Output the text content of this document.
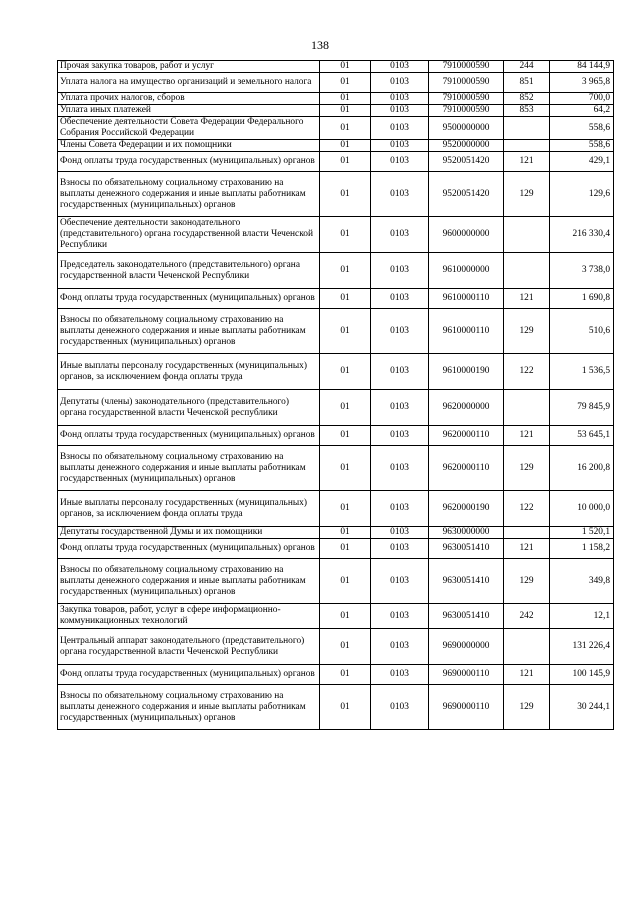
138
Прочая закупка товаров, работ и услуг	01	0103	7910000590	244	84 144,9
Уплата налога на имущество организаций и земельного налога	01	0103	7910000590	851	3 965,8
Уплата прочих налогов, сборов	01	0103	7910000590	852	700,0
Уплата иных платежей	01	0103	7910000590	853	64,2
Обеспечение деятельности Совета Федерации Федерального Собрания Российской Федерации	01	0103	9500000000		558,6
Члены Совета Федерации и их помощники	01	0103	9520000000		558,6
Фонд оплаты труда государственных (муниципальных) органов	01	0103	9520051420	121	429,1
Взносы по обязательному социальному страхованию на выплаты денежного содержания и иные выплаты работникам государственных (муниципальных) органов	01	0103	9520051420	129	129,6
Обеспечение деятельности законодательного (представительного) органа государственной власти Чеченской Республики	01	0103	9600000000		216 330,4
Председатель законодательного (представительного) органа государственной власти Чеченской Республики	01	0103	9610000000		3 738,0
Фонд оплаты труда государственных (муниципальных) органов	01	0103	9610000110	121	1 690,8
Взносы по обязательному социальному страхованию на выплаты денежного содержания и иные выплаты работникам государственных (муниципальных) органов	01	0103	9610000110	129	510,6
Иные выплаты персоналу государственных (муниципальных) органов, за исключением фонда оплаты труда	01	0103	9610000190	122	1 536,5
Депутаты (члены) законодательного (представительного) органа государственной власти Чеченской республики	01	0103	9620000000		79 845,9
Фонд оплаты труда государственных (муниципальных) органов	01	0103	9620000110	121	53 645,1
Взносы по обязательному социальному страхованию на выплаты денежного содержания и иные выплаты работникам государственных (муниципальных) органов	01	0103	9620000110	129	16 200,8
Иные выплаты персоналу государственных (муниципальных) органов, за исключением фонда оплаты труда	01	0103	9620000190	122	10 000,0
Депутаты государственной Думы и их помощники	01	0103	9630000000		1 520,1
Фонд оплаты труда государственных (муниципальных) органов	01	0103	9630051410	121	1 158,2
Взносы по обязательному социальному страхованию на выплаты денежного содержания и иные выплаты работникам государственных (муниципальных) органов	01	0103	9630051410	129	349,8
Закупка товаров, работ, услуг в сфере информационно-коммуникационных технологий	01	0103	9630051410	242	12,1
Центральный аппарат законодательного (представительного) органа государственной власти Чеченской Республики	01	0103	9690000000		131 226,4
Фонд оплаты труда государственных (муниципальных) органов	01	0103	9690000110	121	100 145,9
Взносы по обязательному социальному страхованию на выплаты денежного содержания и иные выплаты работникам государственных (муниципальных) органов	01	0103	9690000110	129	30 244,1
